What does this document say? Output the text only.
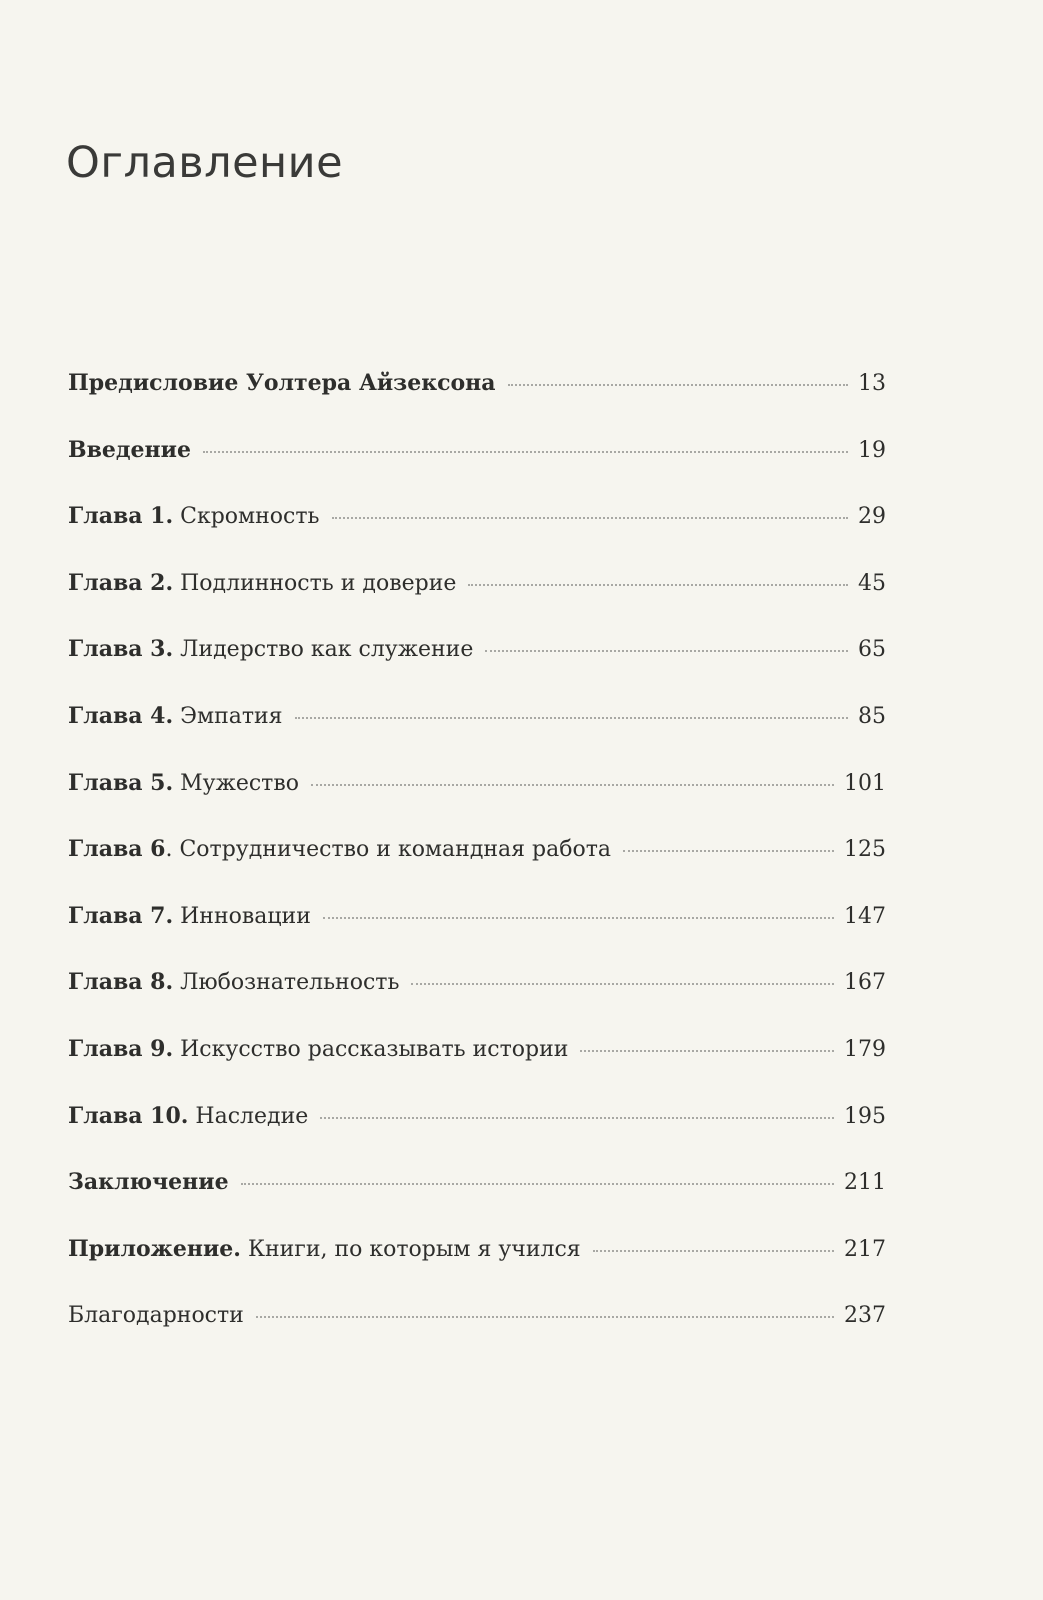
Оглавление
Предисловие Уолтера Айзексона	13
Введение	19
Глава 1. Скромность	29
Глава 2. Подлинность и доверие	45
Глава 3. Лидерство как служение	65
Глава 4. Эмпатия	85
Глава 5. Мужество	101
Глава 6. Сотрудничество и командная работа	125
Глава 7. Инновации	147
Глава 8. Любознательность	167
Глава 9. Искусство рассказывать истории	179
Глава 10. Наследие	195
Заключение	211
Приложение. Книги, по которым я учился	217
Благодарности	237
